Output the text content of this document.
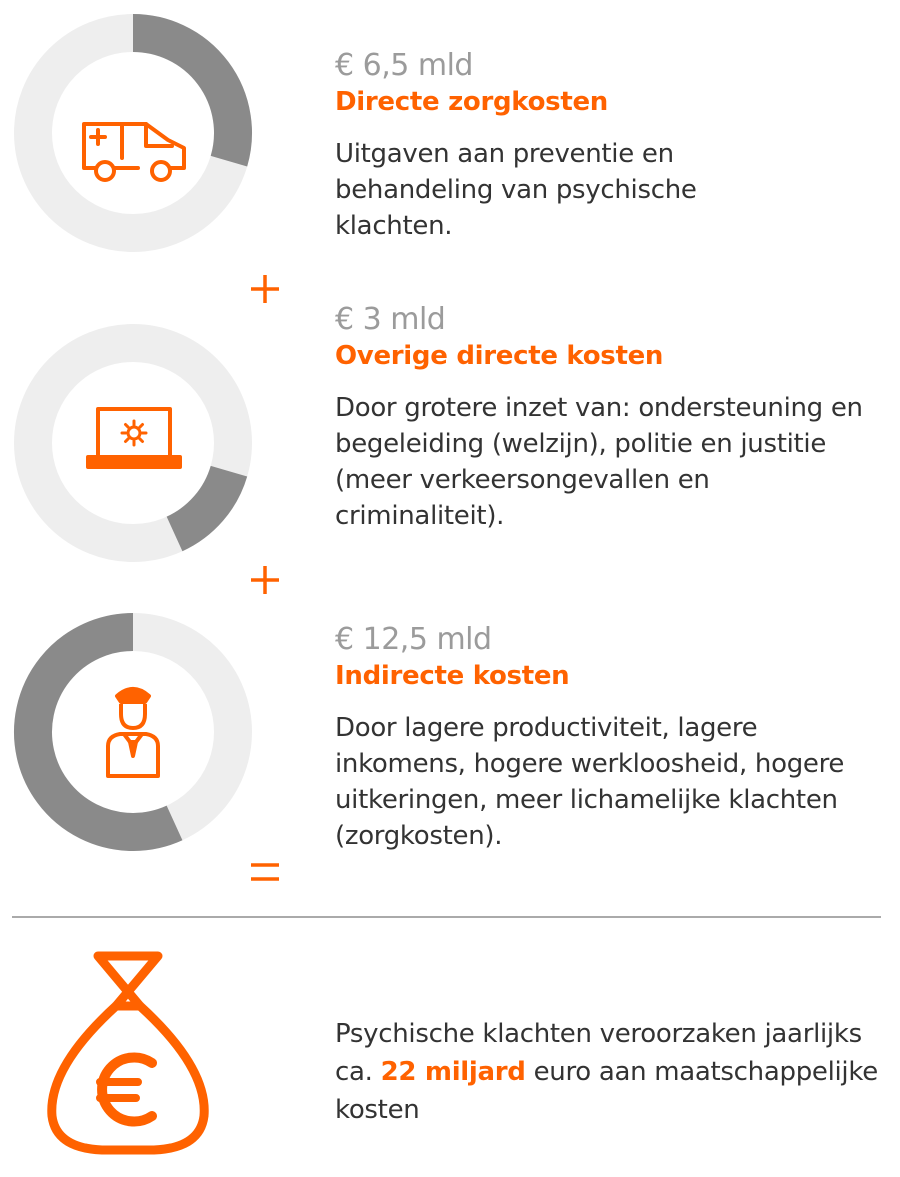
€ 6,5 mld
Directe zorgkosten
Uitgaven aan preventie en behandeling van psychische klachten.
€ 3 mld
Overige directe kosten
Door grotere inzet van: ondersteuning en begeleiding (welzijn), politie en justitie (meer verkeersongevallen en criminaliteit).
€ 12,5 mld
Indirecte kosten
Door lagere productiviteit, lagere inkomens, hogere werkloosheid, hogere uitkeringen, meer lichamelijke klachten (zorgkosten).
Psychische klachten veroorzaken jaarlijks ca. 22 miljard euro aan maatschappelijke kosten
